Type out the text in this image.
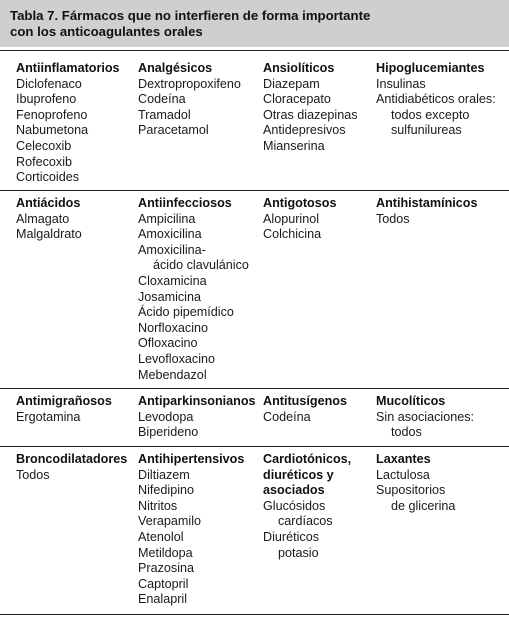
Tabla 7. Fármacos que no interfieren de forma importante
con los anticoagulantes orales
Antiinflamatorios
Diclofenaco
Ibuprofeno
Fenoprofeno
Nabumetona
Celecoxib
Rofecoxib
Corticoides
Analgésicos
Dextropropoxifeno
Codeína
Tramadol
Paracetamol
Ansiolíticos
Diazepam
Cloracepato
Otras diazepinas
Antidepresivos
Mianserina
Hipoglucemiantes
Insulinas
Antidiabéticos orales:
todos excepto
sulfunilureas
Antiácidos
Almagato
Malgaldrato
Antiinfecciosos
Ampicilina
Amoxicilina
Amoxicilina-
ácido clavulánico
Cloxamicina
Josamicina
Ácido pipemídico
Norfloxacino
Ofloxacino
Levofloxacino
Mebendazol
Antigotosos
Alopurinol
Colchicina
Antihistamínicos
Todos
Antimigrañosos
Ergotamina
Antiparkinsonianos
Levodopa
Biperideno
Antitusígenos
Codeína
Mucolíticos
Sin asociaciones:
todos
Broncodilatadores
Todos
Antihipertensivos
Diltiazem
Nifedipino
Nitritos
Verapamilo
Atenolol
Metildopa
Prazosina
Captopril
Enalapril
Cardiotónicos,
diuréticos y
asociados
Glucósidos
cardíacos
Diuréticos
potasio
Laxantes
Lactulosa
Supositorios
de glicerina
